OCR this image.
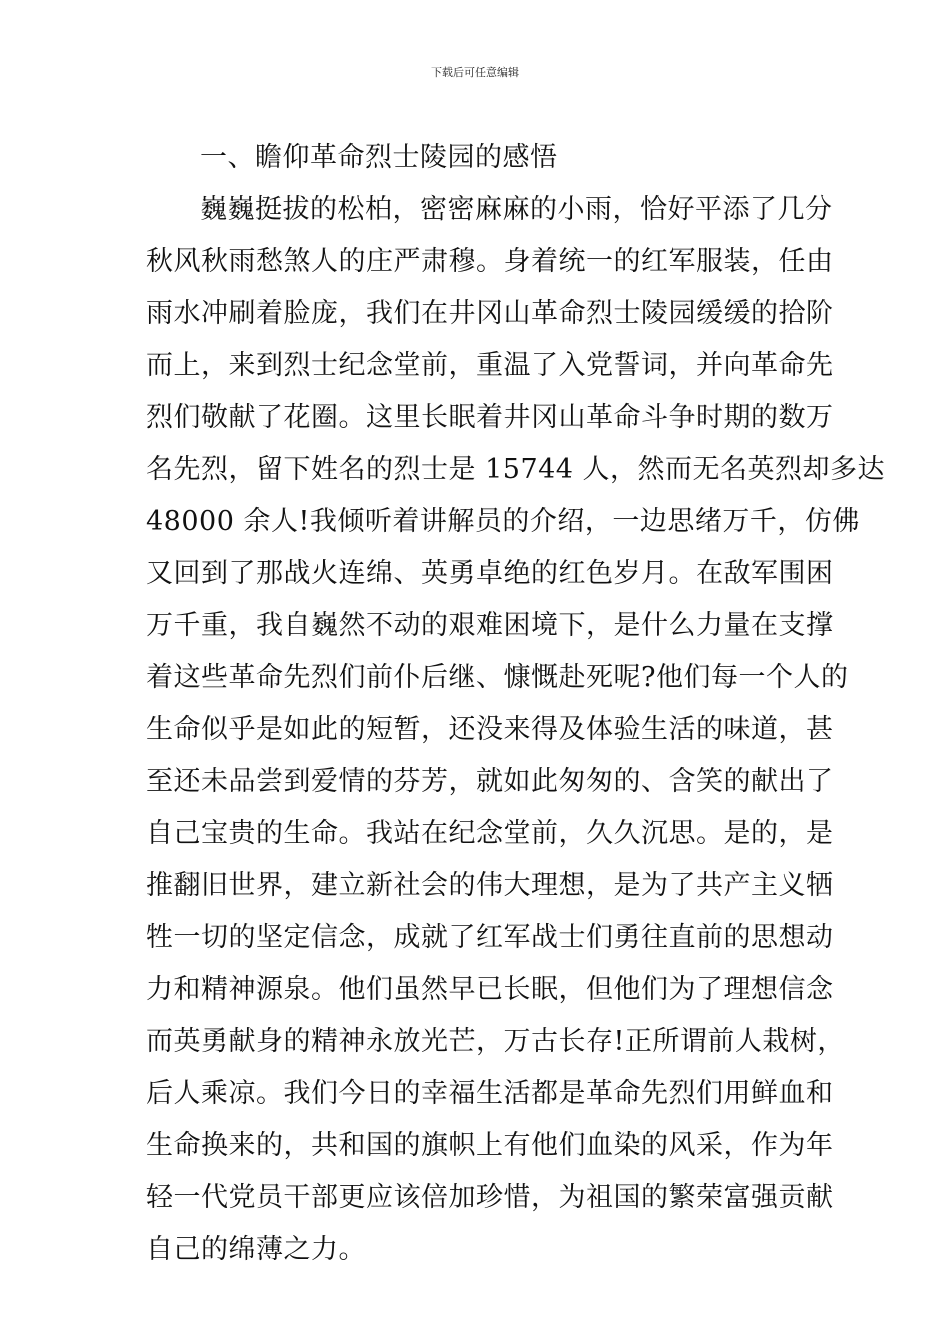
下载后可任意编辑
一、瞻仰革命烈士陵园的感悟
巍巍挺拔的松柏，密密麻麻的小雨，恰好平添了几分
秋风秋雨愁煞人的庄严肃穆。身着统一的红军服装，任由
雨水冲刷着脸庞，我们在井冈山革命烈士陵园缓缓的拾阶
而上，来到烈士纪念堂前，重温了入党誓词，并向革命先
烈们敬献了花圈。这里长眠着井冈山革命斗争时期的数万
名先烈，留下姓名的烈士是 15744 人，然而无名英烈却多达
48000 余人!我倾听着讲解员的介绍，一边思绪万千，仿佛
又回到了那战火连绵、英勇卓绝的红色岁月。在敌军围困
万千重，我自巍然不动的艰难困境下，是什么力量在支撑
着这些革命先烈们前仆后继、慷慨赴死呢?他们每一个人的
生命似乎是如此的短暂，还没来得及体验生活的味道，甚
至还未品尝到爱情的芬芳，就如此匆匆的、含笑的献出了
自己宝贵的生命。我站在纪念堂前，久久沉思。是的，是
推翻旧世界，建立新社会的伟大理想，是为了共产主义牺
牲一切的坚定信念，成就了红军战士们勇往直前的思想动
力和精神源泉。他们虽然早已长眠，但他们为了理想信念
而英勇献身的精神永放光芒，万古长存!正所谓前人栽树，
后人乘凉。我们今日的幸福生活都是革命先烈们用鲜血和
生命换来的，共和国的旗帜上有他们血染的风采，作为年
轻一代党员干部更应该倍加珍惜，为祖国的繁荣富强贡献
自己的绵薄之力。
